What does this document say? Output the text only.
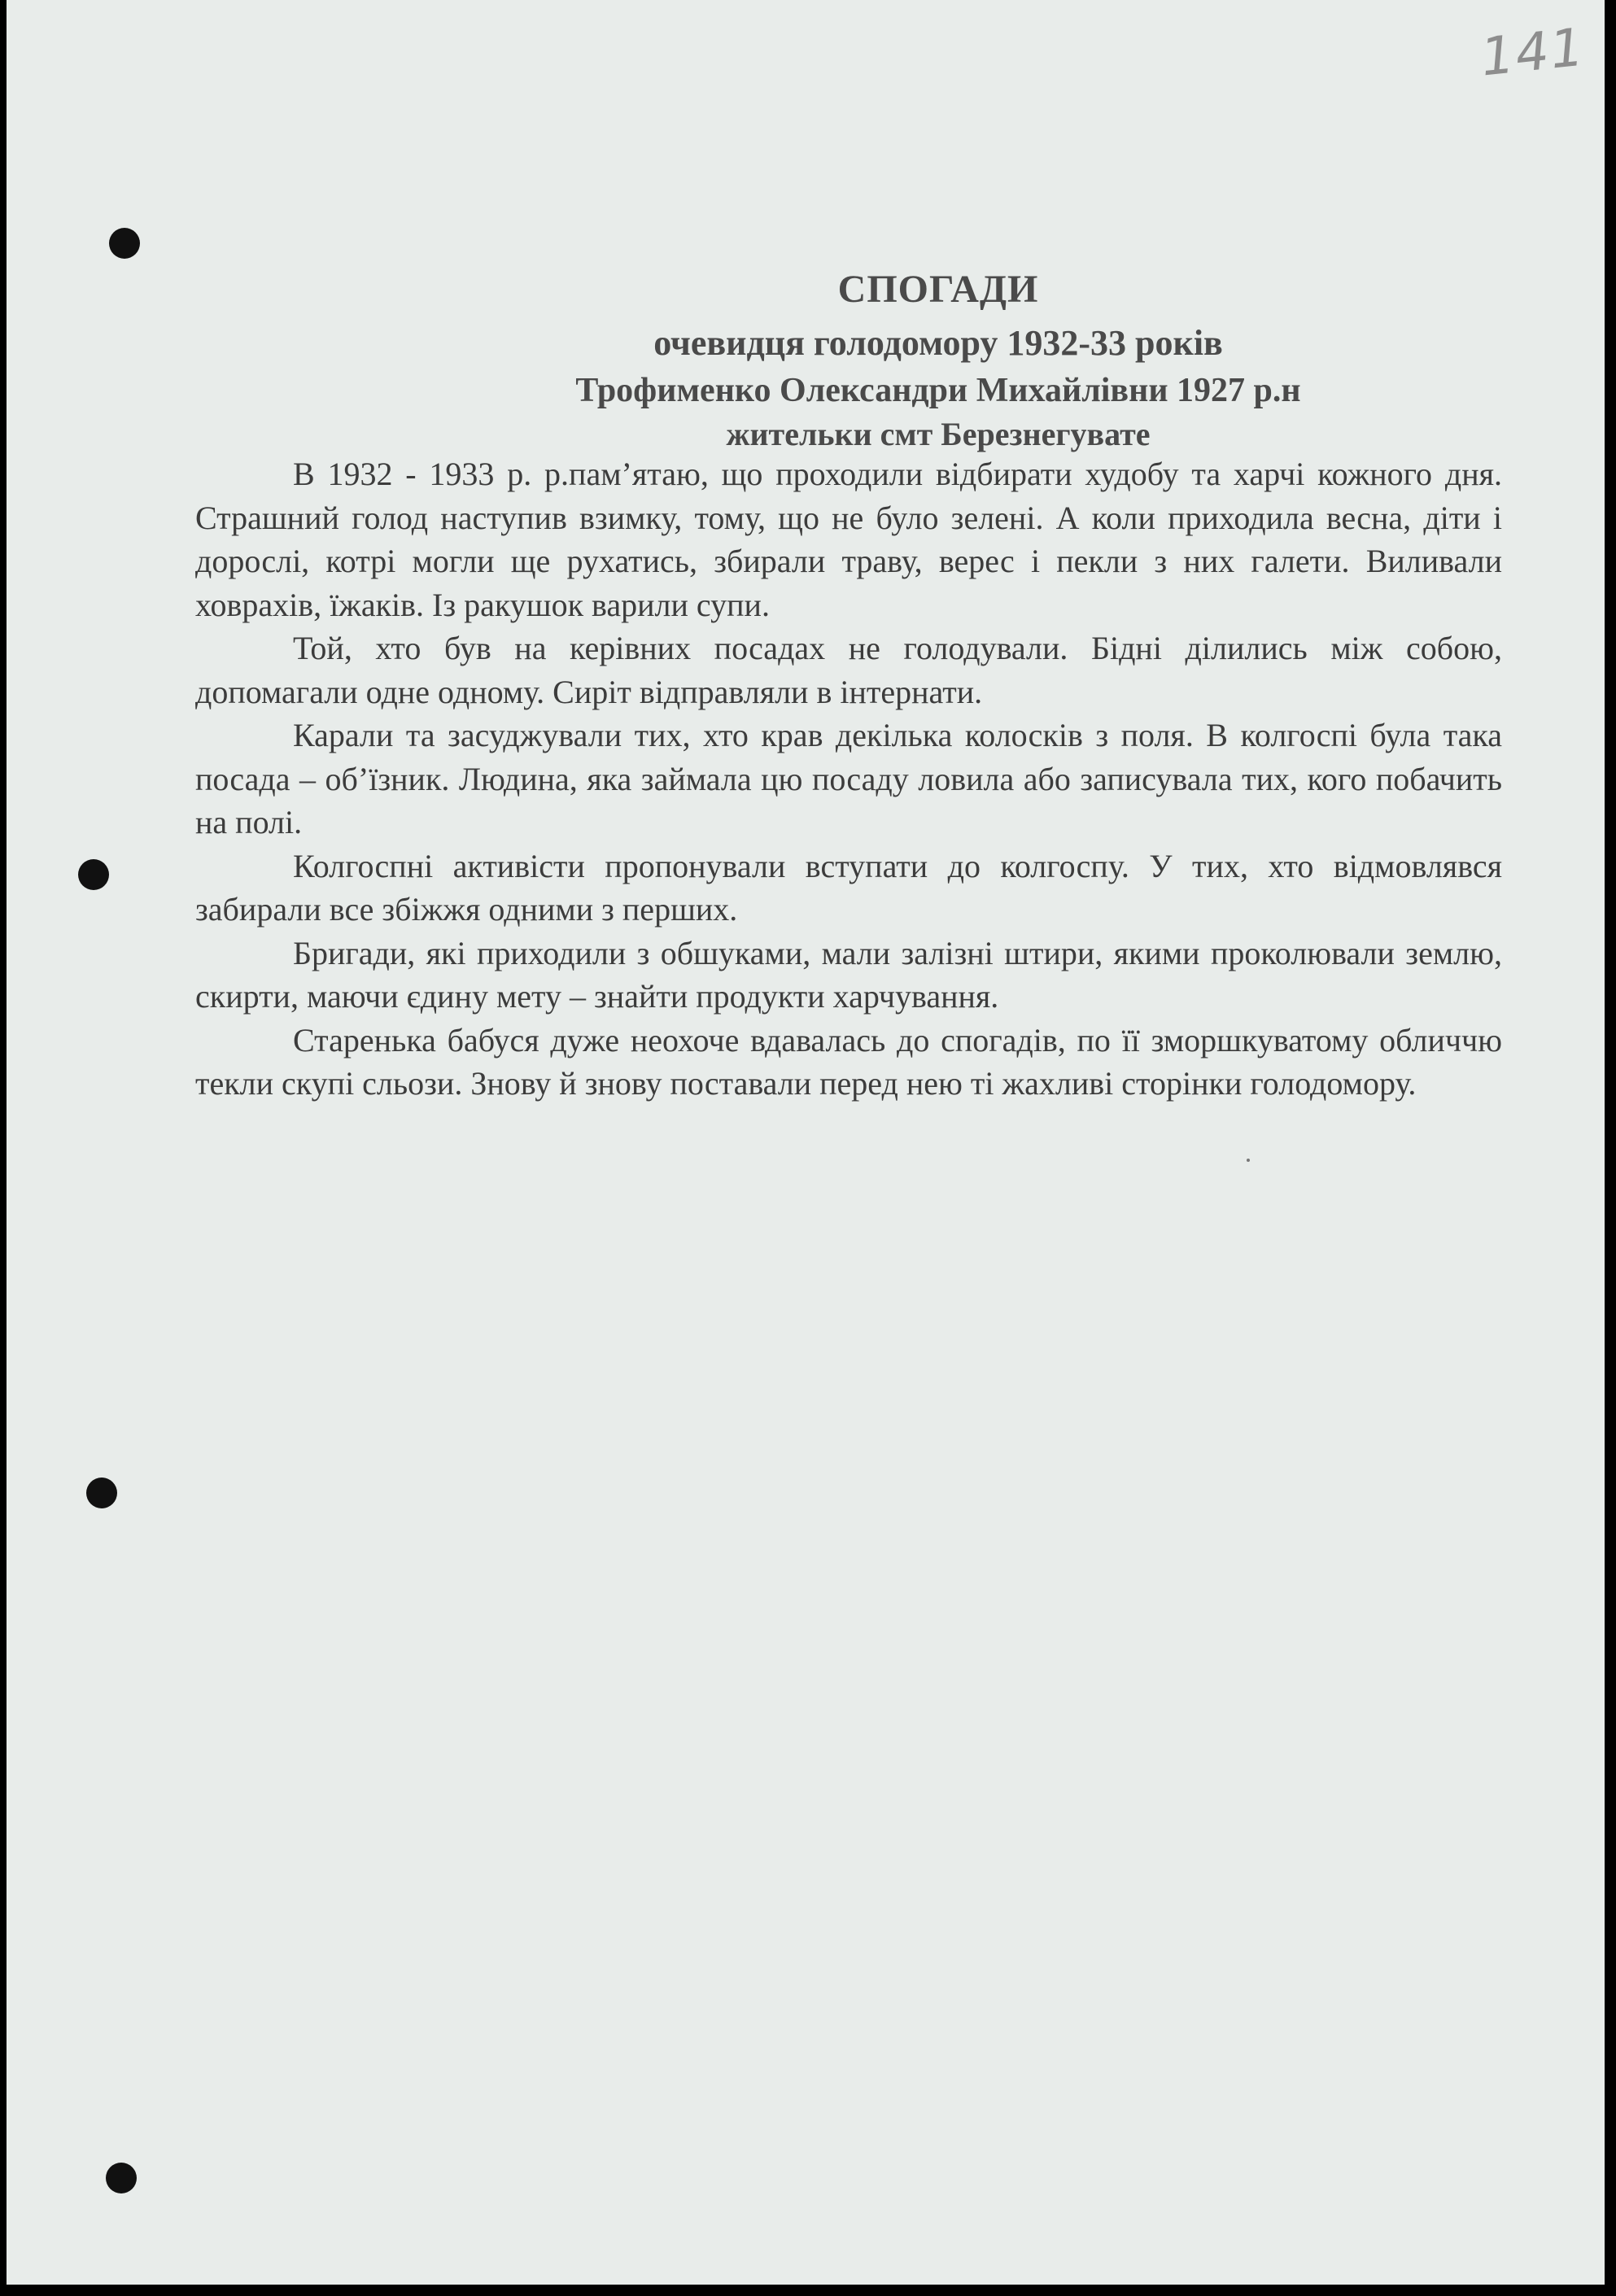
141
СПОГАДИ
очевидця голодомору 1932-33 років
Трофименко Олександри Михайлівни 1927 р.н
жительки смт Березнегувате

В 1932 - 1933 р. р.пам’ятаю, що проходили відбирати худобу та харчі кожного дня. Страшний голод наступив взимку, тому, що не було зелені. А коли приходила весна, діти і дорослі, котрі могли ще рухатись, збирали траву, верес і пекли з них галети. Виливали ховрахів, їжаків. Із ракушок варили супи.

Той, хто був на керівних посадах не голодували. Бідні ділились між собою, допомагали одне одному. Сиріт відправляли в інтернати.

Карали та засуджували тих, хто крав декілька колосків з поля. В колгоспі була така посада – об’їзник. Людина, яка займала цю посаду ловила або записувала тих, кого побачить на полі.

Колгоспні активісти пропонували вступати до колгоспу. У тих, хто відмовлявся забирали все збіжжя одними з перших.

Бригади, які приходили з обшуками, мали залізні штири, якими проколювали землю, скирти, маючи єдину мету – знайти продукти харчування.

Старенька бабуся дуже неохоче вдавалась до спогадів, по її зморшкуватому обличчю текли скупі сльози. Знову й знову поставали перед нею ті жахливі сторінки голодомору.
